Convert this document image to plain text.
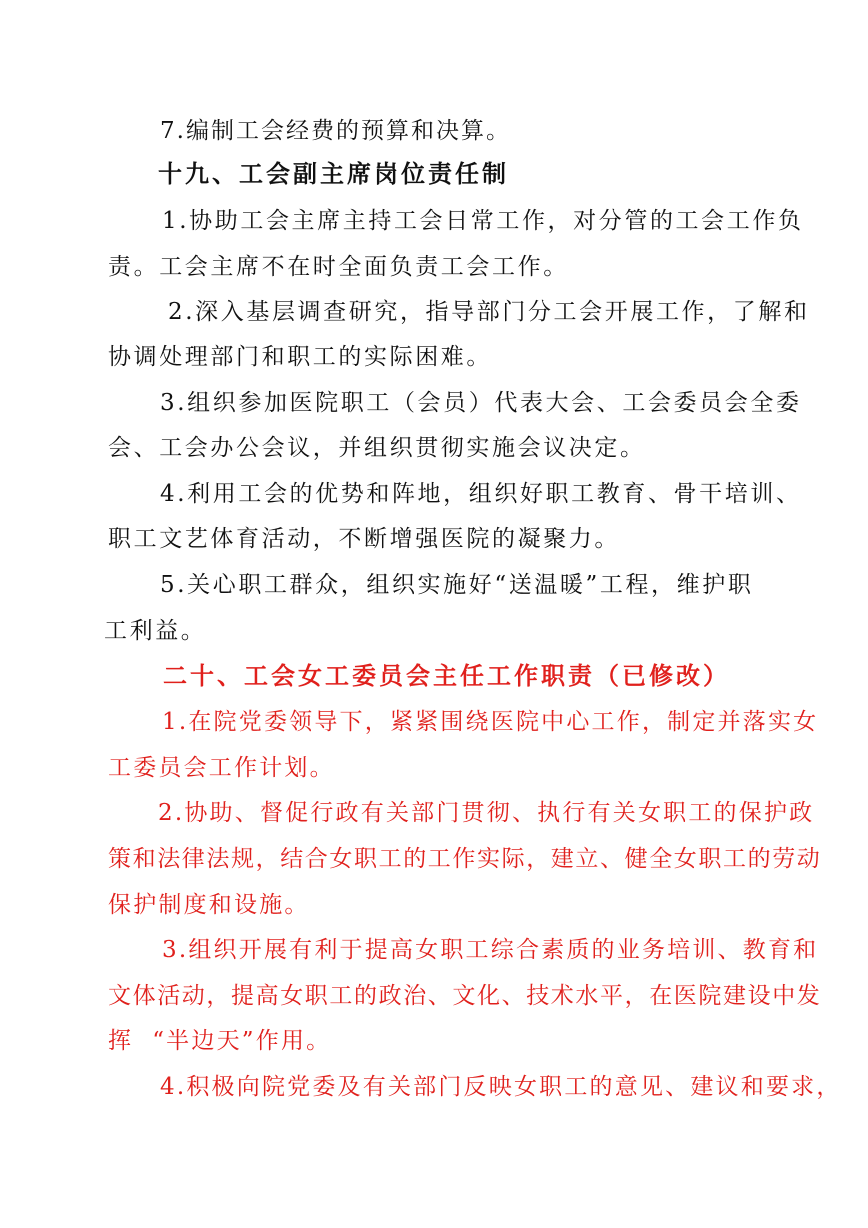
7.编制工会经费的预算和决算。
十九、工会副主席岗位责任制
1.协助工会主席主持工会日常工作，对分管的工会工作负
责。工会主席不在时全面负责工会工作。
2.深入基层调查研究，指导部门分工会开展工作，了解和
协调处理部门和职工的实际困难。
3.组织参加医院职工（会员）代表大会、工会委员会全委
会、工会办公会议，并组织贯彻实施会议决定。
4.利用工会的优势和阵地，组织好职工教育、骨干培训、
职工文艺体育活动，不断增强医院的凝聚力。
5.关心职工群众，组织实施好“送温暖”工程，维护职
工利益。
二十、工会女工委员会主任工作职责（已修改）
1.在院党委领导下，紧紧围绕医院中心工作，制定并落实女
工委员会工作计划。
2.协助、督促行政有关部门贯彻、执行有关女职工的保护政
策和法律法规，结合女职工的工作实际，建立、健全女职工的劳动
保护制度和设施。
3.组织开展有利于提高女职工综合素质的业务培训、教育和
文体活动，提高女职工的政治、文化、技术水平，在医院建设中发
挥  “半边天”作用。
4.积极向院党委及有关部门反映女职工的意见、建议和要求，
